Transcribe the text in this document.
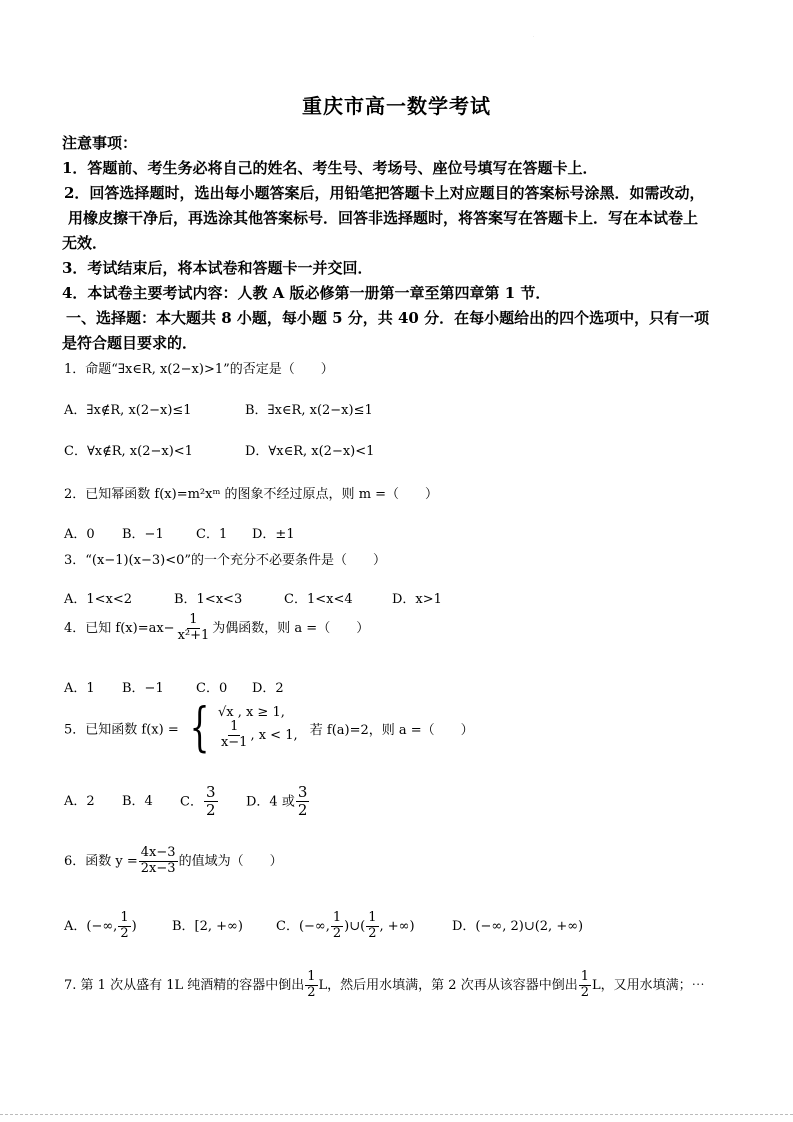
·
重庆市高一数学考试
注意事项：
1．答题前、考生务必将自己的姓名、考生号、考场号、座位号填写在答题卡上．
2．回答选择题时，选出每小题答案后，用铅笔把答题卡上对应题目的答案标号涂黑．如需改动，
用橡皮擦干净后，再选涂其他答案标号．回答非选择题时，将答案写在答题卡上．写在本试卷上
无效．
3．考试结束后，将本试卷和答题卡一并交回．
4．本试卷主要考试内容：人教 A 版必修第一册第一章至第四章第 1 节．
一、选择题：本大题共 8 小题，每小题 5 分，共 40 分．在每小题给出的四个选项中，只有一项
是符合题目要求的．
1．命题“∃x∈R, x(2−x)>1”的否定是（　　）
A．∃x∉R, x(2−x)≤1	B．∃x∈R, x(2−x)≤1
C．∀x∉R, x(2−x)<1	D．∀x∈R, x(2−x)<1
2．已知幂函数 f(x)=m²xᵐ 的图象不经过原点，则 m =（　　）
A．0 B．−1 C．1 D．±1
3．“(x−1)(x−3)<0”的一个充分不必要条件是（　　）
A．1<x<2	B．1<x<3	C．1<x<4	D．x>1
4．已知 $f(x)=ax- \frac{1}{\text{x²+1}}$ 为偶函数，则 a =（　　）
A．1 B．−1 C．0 D．2
5．已知函数 f(x) = { √x , x ≥ 1,
$\frac{1}{x-1}$ , x < 1, 若 f(a)=2，则 a =（　　）
A．2 B．4 C． $\frac{3}{2}$ D．4 或 $\frac{3}{2}$
6．函数 $y = \frac{4x-3}{2x-3}$ 的值域为（　　）
A．(−∞, $\frac{1}{2}$ )	B．[2, +∞)	C．(−∞, $\frac{1}{2}$ )∪( $\frac{1}{2}$ , +∞)	D．(−∞, 2)∪(2, +∞)
7. 第 1 次从盛有 1L 纯酒精的容器中倒出 $\frac{1}{2}$ L，然后用水填满，第 2 次再从该容器中倒出 $\frac{1}{2}$ L，又用水填满；⋯
